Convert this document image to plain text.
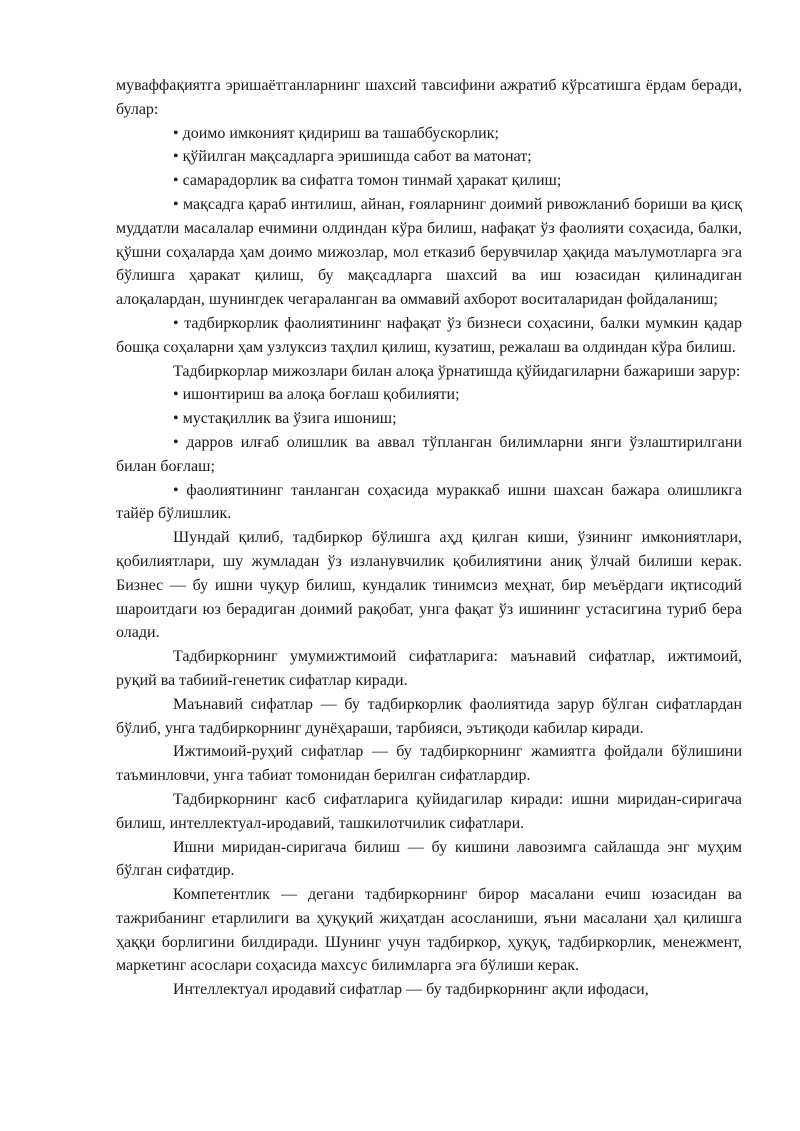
муваффақиятга эришаётганларнинг шахсий тавсифини ажратиб кўрсатишга ёрдам беради, булар:

• доимо имконият қидириш ва ташаббускорлик;

• қўйилган мақсадларга эришишда сабот ва матонат;

• самарадорлик ва сифатга томон тинмай ҳаракат қилиш;

• мақсадга қараб интилиш, айнан, ғояларнинг доимий ривожланиб бориши ва қисқ муддатли масалалар ечимини олдиндан кўра билиш, нафақат ўз фаолияти соҳасида, балки, қўшни соҳаларда ҳам доимо мижозлар, мол етказиб берувчилар ҳақида маълумотларга эга бўлишга ҳаракат қилиш, бу мақсадларга шахсий ва иш юзасидан қилинадиган алоқалардан, шунингдек чегараланган ва оммавий ахборот воситаларидан фойдаланиш;

• тадбиркорлик фаолиятининг нафақат ўз бизнеси соҳасини, балки мумкин қадар бошқа соҳаларни ҳам узлуксиз таҳлил қилиш, кузатиш, режалаш ва олдиндан кўра билиш.

Тадбиркорлар мижозлари билан алоқа ўрнатишда қўйидагиларни бажариши зарур:

• ишонтириш ва алоқа боғлаш қобилияти;

• мустақиллик ва ўзига ишониш;

• дарров илғаб олишлик ва аввал тўпланган билимларни янги ўзлаштирилгани билан боғлаш;

• фаолиятининг танланган соҳасида мураккаб ишни шахсан бажара олишликга тайёр бўлишлик.

Шундай қилиб, тадбиркор бўлишга аҳд қилган киши, ўзининг имкониятлари, қобилиятлари, шу жумладан ўз изланувчилик қобилиятини аниқ ўлчай билиши керак. Бизнес — бу ишни чуқур билиш, кундалик тинимсиз меҳнат, бир меъёрдаги иқтисодий шароитдаги юз берадиган доимий рақобат, унга фақат ўз ишининг устасигина туриб бера олади.

Тадбиркорнинг умумижтимоий сифатларига: маънавий сифатлар, ижтимоий, руқий ва табиий-генетик сифатлар киради.

Маънавий сифатлар — бу тадбиркорлик фаолиятида зарур бўлган сифатлардан бўлиб, унга тадбиркорнинг дунёҳараши, тарбияси, эътиқоди кабилар киради.

Ижтимоий-руҳий сифатлар — бу тадбиркорнинг жамиятга фойдали бўлишини таъминловчи, унга табиат томонидан берилган сифатлардир.

Тадбиркорнинг касб сифатларига қуйидагилар киради: ишни миридан-сиригача билиш, интеллектуал-иродавий, ташкилотчилик сифатлари.

Ишни миридан-сиригача билиш — бу кишини лавозимга сайлашда энг муҳим бўлган сифатдир.

Компетентлик — дегани тадбиркорнинг бирор масалани ечиш юзасидан ва тажрибанинг етарлилиги ва ҳуқуқий жиҳатдан асосланиши, яъни масалани ҳал қилишга ҳаққи борлигини билдиради. Шунинг учун тадбиркор, ҳуқуқ, тадбиркорлик, менежмент, маркетинг асослари соҳасида махсус билимларга эга бўлиши керак.

Интеллектуал иродавий сифатлар — бу тадбиркорнинг ақли ифодаси,
